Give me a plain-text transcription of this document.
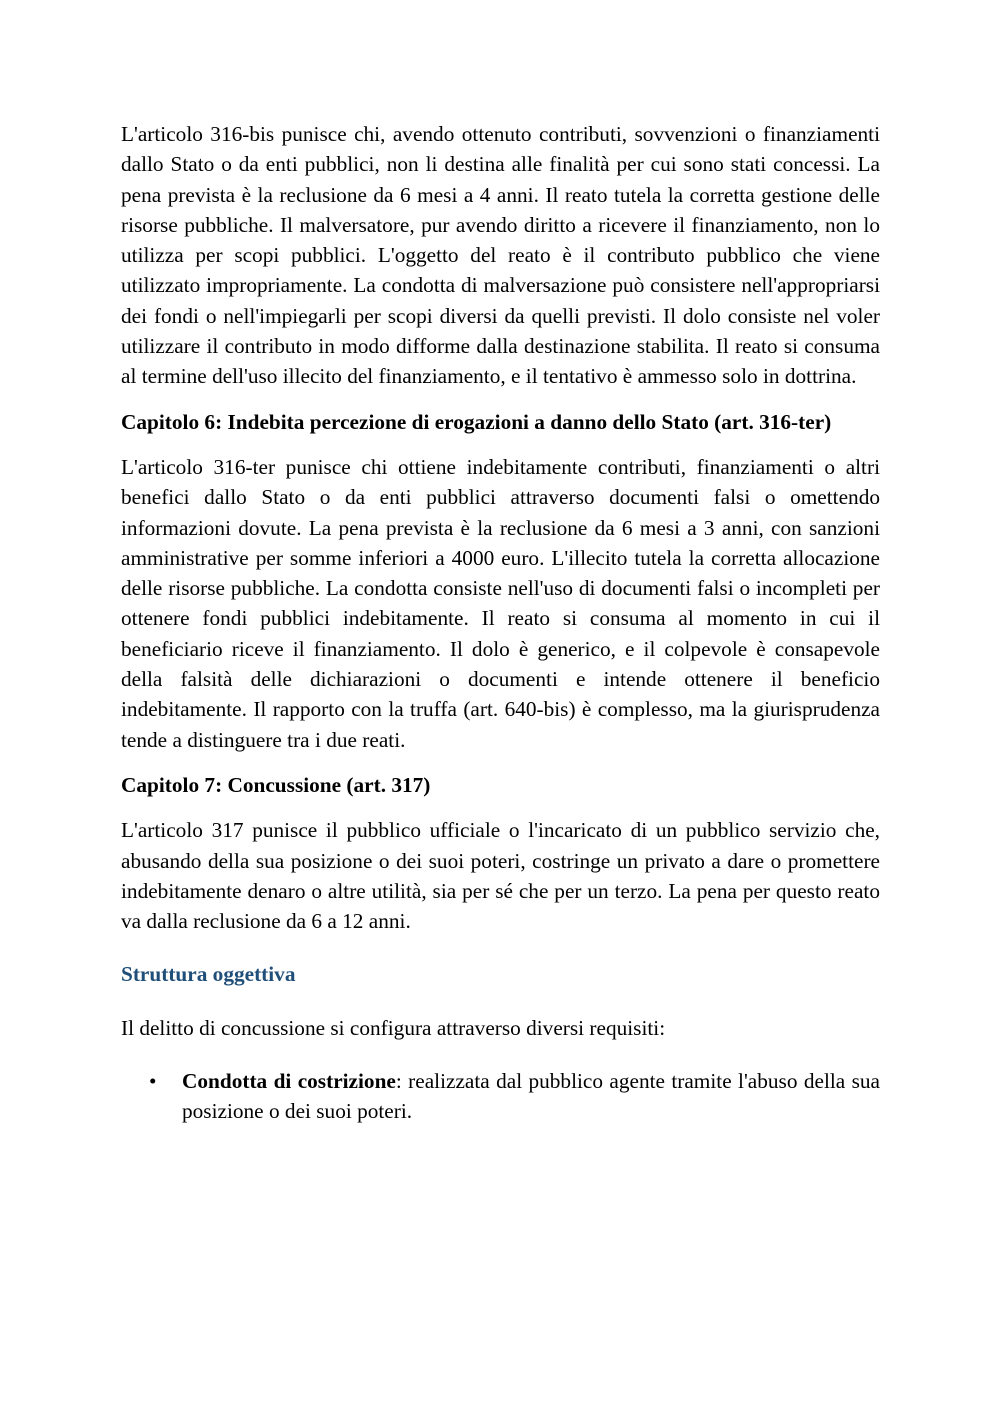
L'articolo 316-bis punisce chi, avendo ottenuto contributi, sovvenzioni o finanziamenti dallo Stato o da enti pubblici, non li destina alle finalità per cui sono stati concessi. La pena prevista è la reclusione da 6 mesi a 4 anni. Il reato tutela la corretta gestione delle risorse pubbliche. Il malversatore, pur avendo diritto a ricevere il finanziamento, non lo utilizza per scopi pubblici. L'oggetto del reato è il contributo pubblico che viene utilizzato impropriamente. La condotta di malversazione può consistere nell'appropriarsi dei fondi o nell'impiegarli per scopi diversi da quelli previsti. Il dolo consiste nel voler utilizzare il contributo in modo difforme dalla destinazione stabilita. Il reato si consuma al termine dell'uso illecito del finanziamento, e il tentativo è ammesso solo in dottrina.

Capitolo 6: Indebita percezione di erogazioni a danno dello Stato (art. 316-ter)

L'articolo 316-ter punisce chi ottiene indebitamente contributi, finanziamenti o altri benefici dallo Stato o da enti pubblici attraverso documenti falsi o omettendo informazioni dovute. La pena prevista è la reclusione da 6 mesi a 3 anni, con sanzioni amministrative per somme inferiori a 4000 euro. L'illecito tutela la corretta allocazione delle risorse pubbliche. La condotta consiste nell'uso di documenti falsi o incompleti per ottenere fondi pubblici indebitamente. Il reato si consuma al momento in cui il beneficiario riceve il finanziamento. Il dolo è generico, e il colpevole è consapevole della falsità delle dichiarazioni o documenti e intende ottenere il beneficio indebitamente. Il rapporto con la truffa (art. 640-bis) è complesso, ma la giurisprudenza tende a distinguere tra i due reati.

Capitolo 7: Concussione (art. 317)

L'articolo 317 punisce il pubblico ufficiale o l'incaricato di un pubblico servizio che, abusando della sua posizione o dei suoi poteri, costringe un privato a dare o promettere indebitamente denaro o altre utilità, sia per sé che per un terzo. La pena per questo reato va dalla reclusione da 6 a 12 anni.

Struttura oggettiva

Il delitto di concussione si configura attraverso diversi requisiti:

• Condotta di costrizione: realizzata dal pubblico agente tramite l'abuso della sua posizione o dei suoi poteri.
